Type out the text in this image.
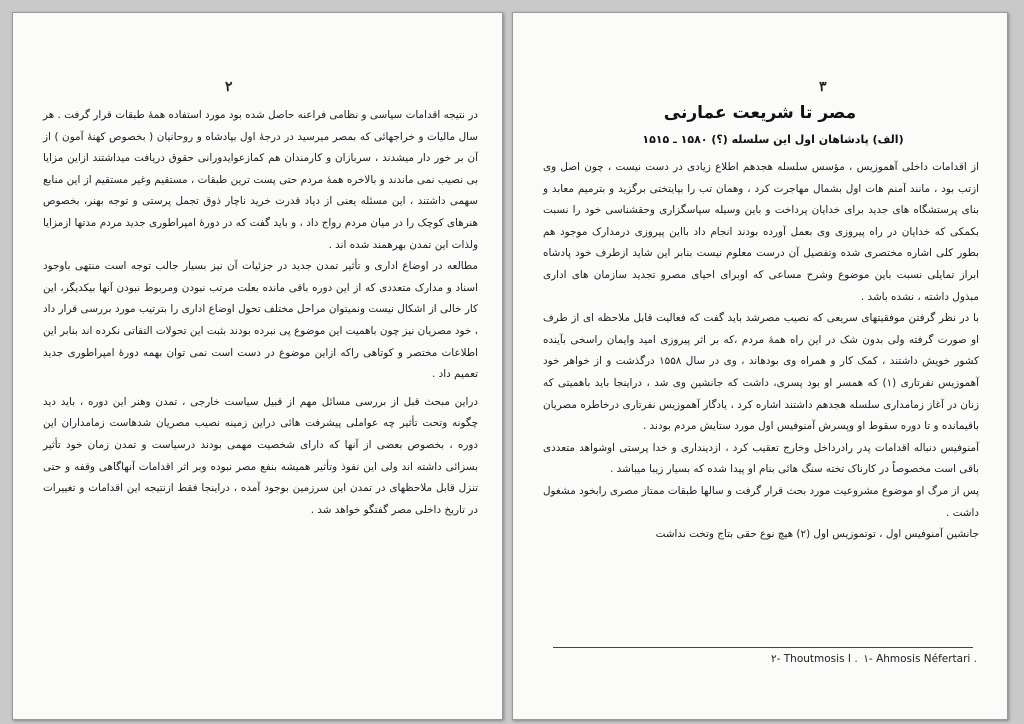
۲

در نتیجه اقدامات سیاسی و نظامی فراعنه حاصل شده بود مورد استفاده همهٔ طبقات قرار گرفت . هر سال مالیات و خراجهائی که بمصر میرسید در درجهٔ اول بپادشاه و روحانیان ( بخصوص کهنهٔ آمون ) از آن بر خور دار میشدند ، سربازان و کارمندان هم کمازعوایدورانی حقوق دریافت میداشتند ازاین مزایا بی نصیب نمی ماندند و بالاخره همهٔ مردم حتی پست ترین طبقات ، مستقیم وغیر مستقیم از این منابع سهمی داشتند ، این مسئله یعنی از دیاد قدرت خرید ناچار ذوق تجمل پرستی و توجه بهنر، بخصوص هنرهای کوچک را در میان مردم رواج داد ، و باید گفت که در دورهٔ امپراطوری جدید مردم مدتها ازمزایا ولذات این تمدن بهرهمند شده اند .

مطالعه در اوضاع اداری و تأثیر تمدن جدید در جزئیات آن نیز بسیار جالب توجه است منتهی باوجود اسناد و مدارک متعددی که از این دوره باقی مانده بعلت مرتب نبودن ومربوط نبودن آنها بیکدیگر، این کار خالی از اشکال نیست ونمیتوان مراحل مختلف تحول اوضاع اداری را بترتیب مورد بررسی قرار داد ، خود مصریان نیز چون باهمیت این موضوع پی نبرده بودند بثبت این تحولات التفاتی نکرده اند بنابر این اطلاعات مختصر و کوتاهی راکه ازاین موضوع در دست است نمی توان بهمه دورهٔ امپراطوری جدید تعمیم داد .

دراین مبحث قبل از بررسی مسائل مهم از قبیل سیاست خارجی ، تمدن وهنر این دوره ، باید دید چگونه وتحت تأثیر چه عواملی پیشرفت هائی دراین زمینه نصیب مصریان شدهاست زمامداران این دوره ، بخصوص بعضی از آنها که دارای شخصیت مهمی بودند درسیاست و تمدن زمان خود تأثیر بسزائی داشته اند ولی این نفوذ وتأثیر همیشه بنفع مصر نبوده وبر اثر اقدامات آنهاگاهی وقفه و حتی تنزل قابل ملاحظهای در تمدن این سرزمین بوجود آمده ، دراینجا فقط ازنتیجه این اقدامات و تغییرات در تاریخ داخلی مصر گفتگو خواهد شد .

۳
مصر تا شریعت عمارنی
(الف) پادشاهان اول این سلسله (؟) ۱۵۸۰ ـ ۱۵۱۵

از اقدامات داخلی آهموزیس ، مؤسس سلسله هجدهم اطلاع زیادی در دست نیست ، چون اصل وی ازتب بود ، مانند آمنم هات اول بشمال مهاجرت کرد ، وهمان تب را بپایتختی برگزید و بترمیم معابد و بنای پرستشگاه های جدید برای خدایان پرداخت و باین وسیله سپاسگزاری وحقشناسی خود را نسبت بکمکی که خدایان در راه پیروزی وی بعمل آورده بودند انجام داد بااین پیروزی درمدارک موجود هم بطور کلی اشاره مختصری شده وتفصیل آن درست معلوم نیست بنابر این شاید ازطرف خود پادشاه ابراز تمایلی نسبت باین موضوع وشرح مساعی که اوبرای احیای مصرو تجدید سازمان های اداری مبذول داشته ، نشده باشد .

با در نظر گرفتن موفقیتهای سریعی که نصیب مصرشد باید گفت که فعالیت قابل ملاحظه ای از طرف او صورت گرفته ولی بدون شک در این راه همهٔ مردم ،که بر اثر پیروزی امید وایمان راسخی بآینده کشور خویش داشتند ، کمک کار و همراه وی بودهاند ، وی در سال ۱۵۵۸ درگذشت و از خواهر خود آهموزیس نفرتاری (۱) که همسر او بود پسری، داشت که جانشین وی شد ، دراینجا باید باهمیتی که زنان در آغاز زمامداری سلسله هجدهم داشتند اشاره کرد ، یادگار آهموزیس نفرتاری درخاطره مصریان باقیمانده و تا دوره سقوط او وپسرش آمنوفیس اول مورد ستایش مردم بودند .

آمنوفیس دنباله اقدامات پدر رادرداخل وخارج تعقیب کرد ، ازدینداری و خدا پرستی اوشواهد متعددی باقی است مخصوصاً در کارناک تخته سنگ هائی بنام او پیدا شده که بسیار زیبا میباشد .

پس از مرگ او موضوع مشروعیت مورد بحث قرار گرفت و سالها طبقات ممتاز مصری رابخود مشغول داشت .

جانشین آمنوفیس اول ، توتموزیس اول (۲) هیچ نوع حقی بتاج وتخت نداشت

۱- Ahmosis Néfertari .
۲- Thoutmosis I .
